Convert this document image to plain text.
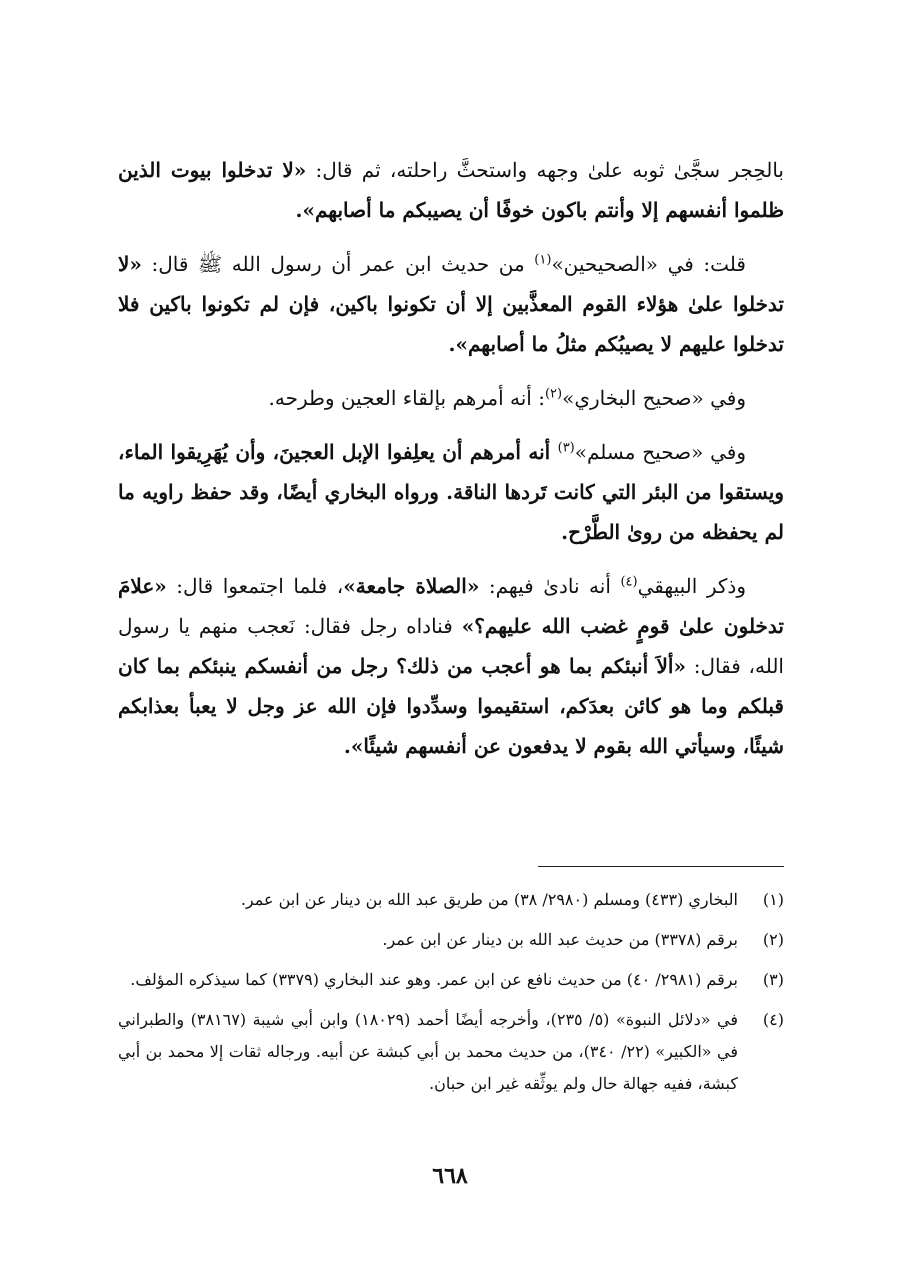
بالحِجر سجَّىٰ ثوبه علىٰ وجهه واستحثَّ راحلته، ثم قال: «لا تدخلوا بيوت الذين ظلموا أنفسهم إلا وأنتم باكون خوفًا أن يصيبكم ما أصابهم».

قلت: في «الصحيحين»$^{(١)}$ من حديث ابن عمر أن رسول الله ﷺ قال: «لا تدخلوا علىٰ هؤلاء القوم المعذَّبين إلا أن تكونوا باكين، فإن لم تكونوا باكين فلا تدخلوا عليهم لا يصيبُكم مثلُ ما أصابهم».

وفي «صحيح البخاري»$^{(٢)}$: أنه أمرهم بإلقاء العجين وطرحه.

وفي «صحيح مسلم»$^{(٣)}$ أنه أمرهم أن يعلِفوا الإبل العجينَ، وأن يُهَرِيقوا الماء، ويستقوا من البئر التي كانت تَردها الناقة. ورواه البخاري أيضًا، وقد حفظ راويه ما لم يحفظه من روىٰ الطَّرْح.

وذكر البيهقي$^{(٤)}$ أنه نادىٰ فيهم: «الصلاة جامعة»، فلما اجتمعوا قال: «علامَ تدخلون علىٰ قومٍ غضب الله عليهم؟» فناداه رجل فقال: نَعجب منهم يا رسول الله، فقال: «ألاَ أنبئكم بما هو أعجب من ذلك؟ رجل من أنفسكم ينبئكم بما كان قبلكم وما هو كائن بعدَكم، استقيموا وسدِّدوا فإن الله عز وجل لا يعبأ بعذابكم شيئًا، وسيأتي الله بقوم لا يدفعون عن أنفسهم شيئًا».

(١)
البخاري (٤٣٣) ومسلم (٢٩٨٠/ ٣٨) من طريق عبد الله بن دينار عن ابن عمر.
(٢)
برقم (٣٣٧٨) من حديث عبد الله بن دينار عن ابن عمر.
(٣)
برقم (٢٩٨١/ ٤٠) من حديث نافع عن ابن عمر. وهو عند البخاري (٣٣٧٩) كما سيذكره المؤلف.
(٤)
في «دلائل النبوة» (٥/ ٢٣٥)، وأخرجه أيضًا أحمد (١٨٠٢٩) وابن أبي شيبة (٣٨١٦٧) والطبراني في «الكبير» (٢٢/ ٣٤٠)، من حديث محمد بن أبي كبشة عن أبيه. ورجاله ثقات إلا محمد بن أبي كبشة، ففيه جهالة حال ولم يوثِّقه غير ابن حبان.
٦٦٨
